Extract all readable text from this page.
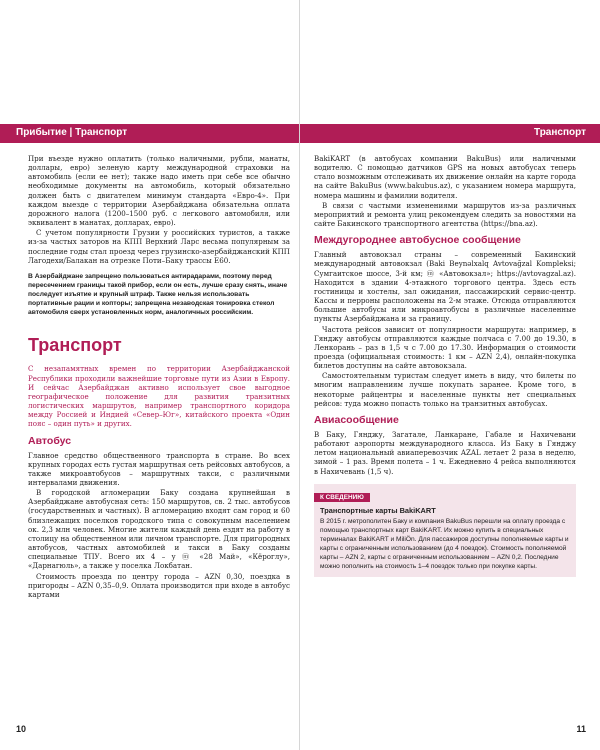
Прибытие | Транспорт

При въезде нужно оплатить (только наличными, рубли, манаты, доллары, евро) зеленую карту международной страховки на автомобиль (если ее нет); также надо иметь при себе все обычно необходимые документы на автомобиль, который обязательно должен быть с двигателем минимум стандарта «Евро-4». При каждом выезде с территории Азербайджана обязательна оплата дорожного налога (1200–1500 руб. с легкового автомобиля, или эквивалент в манатах, долларах, евро).

С учетом популярности Грузии у российских туристов, а также из-за частых заторов на КПП Верхний Ларс весьма популярным за последние годы стал проезд через грузинско-азербайджанский КПП Лагодехи/Балакан на отрезке Поти–Баку трассы Е60.

В Азербайджане запрещено пользоваться антирадарами, поэтому перед пересечением границы такой прибор, если он есть, лучше сразу снять, иначе последует изъятие и крупный штраф. Также нельзя использовать портативные рации и копторы; запрещена незаводская тонировка стекол автомобиля сверх установленных норм, аналогичных российским.

Транспорт

С незапамятных времен по территории Азербайджанской Республики проходили важнейшие торговые пути из Азии в Европу. И сейчас Азербайджан активно использует свое выгодное географическое положение для развития транзитных логистических маршрутов, например транспортного коридора между Россией и Индией «Север–Юг», китайского проекта «Один пояс – один путь» и других.

Автобус

Главное средство общественного транспорта в стране. Во всех крупных городах есть густая маршрутная сеть рейсовых автобусов, а также микроавтобусов – маршрутных такси, с различными интервалами движения.

В городской агломерации Баку создана крупнейшая в Азербайджане автобусная сеть: 150 маршрутов, св. 2 тыс. автобусов (государственных и частных). В агломерацию входят сам город и 60 близлежащих поселков городского типа с совокупным населением ок. 2,3 млн человек. Многие жители каждый день ездят на работу в столицу на общественном или личном транспорте. Для пригородных автобусов, частных автомобилей и такси в Баку созданы специальные ТПУ. Всего их 4 – у ⓜ «28 Май», «Кёроглу», «Дарнагюль», а также у поселка Локбатан.

Стоимость проезда по центру города – AZN 0,30, поездка в пригороды – AZN 0,35–0,9. Оплата производится при входе в автобус картами

10
Транспорт

BakiKART (в автобусах компании BakuBus) или наличными водителю. С помощью датчиков GPS на новых автобусах теперь стало возможным отслеживать их движение онлайн на карте города на сайте BakuBus (www.bakubus.az), с указанием номера маршрута, номера машины и фамилии водителя.

В связи с частыми изменениями маршрутов из-за различных мероприятий и ремонта улиц рекомендуем следить за новостями на сайте Бакинского транспортного агентства (https://bna.az).

Междугороднее автобусное сообщение

Главный автовокзал страны – современный Бакинский международный автовокзал (Baki Beynəlxalq Avtovağzal Kompleksi; Сумгаитское шоссе, 3-й км; ⓜ «Автовокзал»; https://avtovagzal.az). Находится в здании 4-этажного торгового центра. Здесь есть гостиницы и хостелы, зал ожидания, пассажирский сервис-центр. Кассы и перроны расположены на 2-м этаже. Отсюда отправляются большие автобусы или микроавтобусы в различные населенные пункты Азербайджана и за границу.

Частота рейсов зависит от популярности маршрута: например, в Гянджу автобусы отправляются каждые полчаса с 7.00 до 19.30, в Ленкорань – раз в 1,5 ч с 7.00 до 17.30. Информация о стоимости проезда (официальная стоимость: 1 км – AZN 2,4), онлайн-покупка билетов доступны на сайте автовокзала.

Самостоятельным туристам следует иметь в виду, что билеты по многим направлениям лучше покупать заранее. Кроме того, в некоторые райцентры и населенные пункты нет специальных рейсов: туда можно попасть только на транзитных автобусах.

Авиасообщение

В Баку, Гянджу, Загатале, Ланкаране, Габале и Нахичевани работают аэропорты международного класса. Из Баку в Гянджу летом национальный авиаперевозчик AZAL летает 2 раза в неделю, зимой – 1 раз. Время полета – 1 ч. Ежедневно 4 рейса выполняются в Нахичевань (1,5 ч).

К СВЕДЕНИЮ
Транспортные карты BakiKART
В 2015 г. метрополитен Баку и компания BakuBus перешли на оплату проезда с помощью транспортных карт BakiKART. Их можно купить в специальных терминалах BakiKART и MiliÖn. Для пассажиров доступны пополняемые карты и карты с ограниченным использованием (до 4 поездок). Стоимость пополняемой карты – AZN 2, карты с ограниченным использованием – AZN 0,2. Последние можно пополнить на стоимость 1–4 поездок только при покупке карты.
11
